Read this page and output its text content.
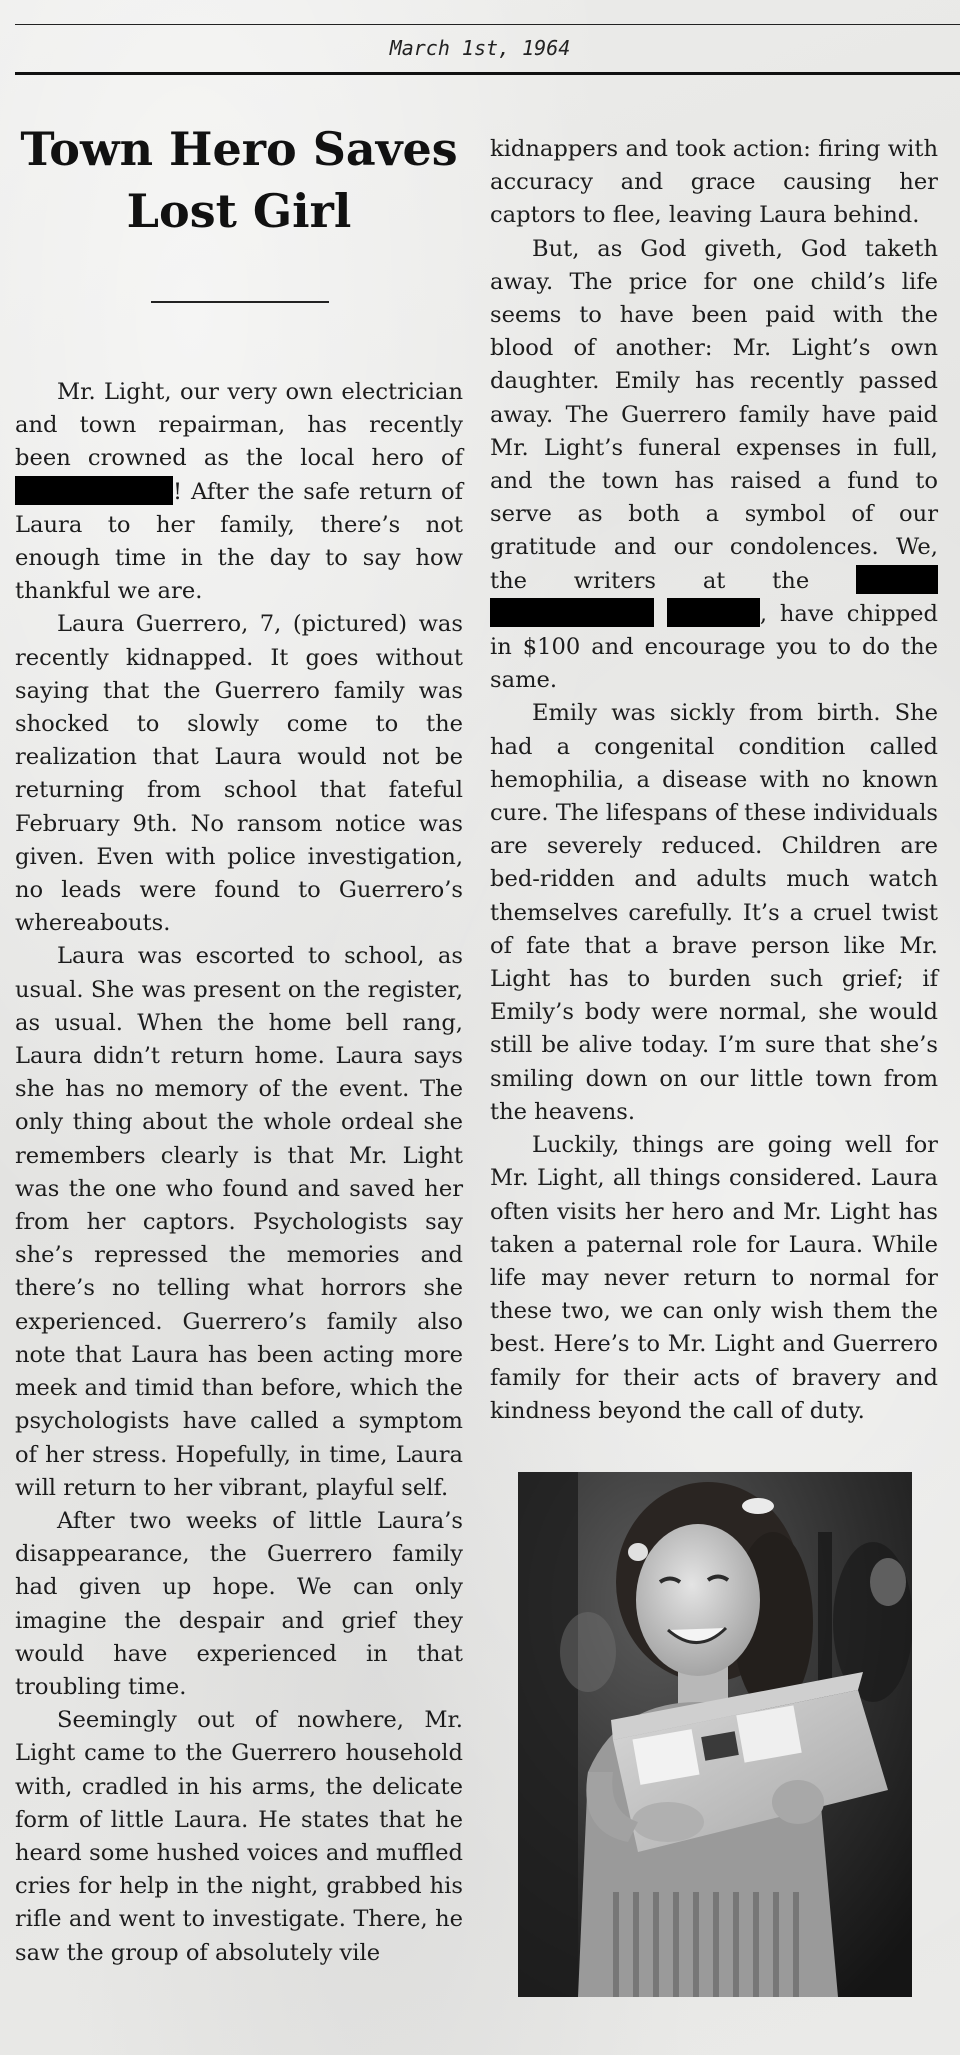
March 1st, 1964
Town Hero Saves Lost Girl

Mr. Light, our very own electrician and town repairman, has recently been crowned as the local hero of ! After the safe return of Laura to her family, there’s not enough time in the day to say how thankful we are.

Laura Guerrero, 7, (pictured) was recently kidnapped. It goes without saying that the Guerrero family was shocked to slowly come to the realization that Laura would not be returning from school that fateful February 9th. No ransom notice was given. Even with police investigation, no leads were found to Guerrero’s whereabouts.

Laura was escorted to school, as usual. She was present on the register, as usual. When the home bell rang, Laura didn’t return home. Laura says she has no memory of the event. The only thing about the whole ordeal she remembers clearly is that Mr. Light was the one who found and saved her from her captors. Psychologists say she’s repressed the memories and there’s no telling what horrors she experienced. Guerrero’s family also note that Laura has been acting more meek and timid than before, which the psychologists have called a symptom of her stress. Hopefully, in time, Laura will return to her vibrant, playful self.

After two weeks of little Laura’s disappearance, the Guerrero family had given up hope. We can only imagine the despair and grief they would have experienced in that troubling time.

Seemingly out of nowhere, Mr. Light came to the Guerrero household with, cradled in his arms, the delicate form of little Laura. He states that he heard some hushed voices and muffled cries for help in the night, grabbed his rifle and went to investigate. There, he saw the group of absolutely vile

kidnappers and took action: firing with accuracy and grace causing her captors to flee, leaving Laura behind.

But, as God giveth, God taketh away. The price for one child’s life seems to have been paid with the blood of another: Mr. Light’s own daughter. Emily has recently passed away. The Guerrero family have paid Mr. Light’s funeral expenses in full, and the town has raised a fund to serve as both a symbol of our gratitude and our condolences. We, the writers at the   , have chipped in $100 and encourage you to do the same.

Emily was sickly from birth. She had a congenital condition called hemophilia, a disease with no known cure. The lifespans of these individuals are severely reduced. Children are bed-ridden and adults much watch themselves carefully. It’s a cruel twist of fate that a brave person like Mr. Light has to burden such grief; if Emily’s body were normal, she would still be alive today. I’m sure that she’s smiling down on our little town from the heavens.

Luckily, things are going well for Mr. Light, all things considered. Laura often visits her hero and Mr. Light has taken a paternal role for Laura. While life may never return to normal for these two, we can only wish them the best. Here’s to Mr. Light and Guerrero family for their acts of bravery and kindness beyond the call of duty.
